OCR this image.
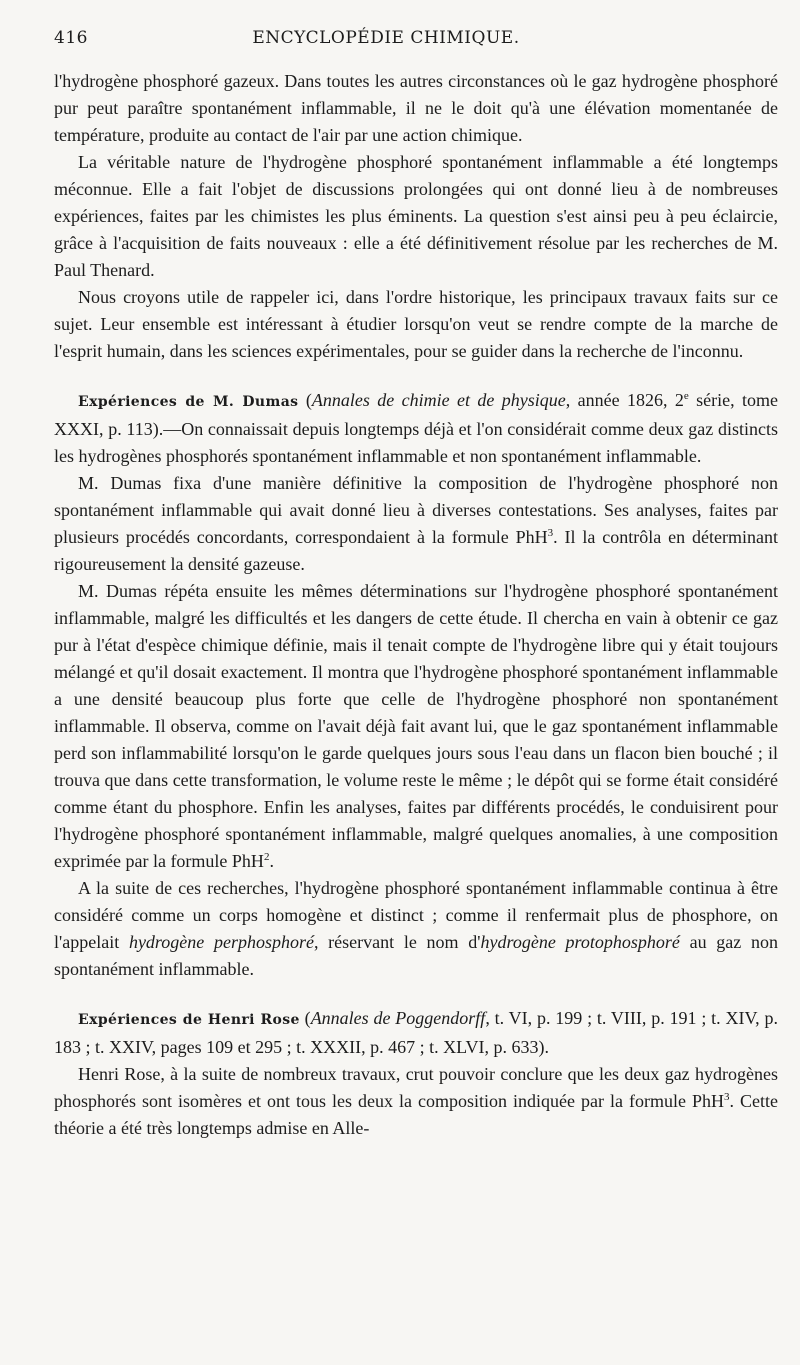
416	ENCYCLOPÉDIE CHIMIQUE.

l'hydrogène phosphoré gazeux. Dans toutes les autres circonstances où le gaz hydrogène phosphoré pur peut paraître spontanément inflammable, il ne le doit qu'à une élévation momentanée de température, produite au contact de l'air par une action chimique.

La véritable nature de l'hydrogène phosphoré spontanément inflammable a été longtemps méconnue. Elle a fait l'objet de discussions prolongées qui ont donné lieu à de nombreuses expériences, faites par les chimistes les plus éminents. La question s'est ainsi peu à peu éclaircie, grâce à l'acquisition de faits nouveaux : elle a été définitivement résolue par les recherches de M. Paul Thenard.

Nous croyons utile de rappeler ici, dans l'ordre historique, les principaux travaux faits sur ce sujet. Leur ensemble est intéressant à étudier lorsqu'on veut se rendre compte de la marche de l'esprit humain, dans les sciences expérimentales, pour se guider dans la recherche de l'inconnu.

Expériences de M. Dumas (Annales de chimie et de physique, année 1826, 2e série, tome XXXI, p. 113).—On connaissait depuis longtemps déjà et l'on considérait comme deux gaz distincts les hydrogènes phosphorés spontanément inflammable et non spontanément inflammable.

M. Dumas fixa d'une manière définitive la composition de l'hydrogène phosphoré non spontanément inflammable qui avait donné lieu à diverses contestations. Ses analyses, faites par plusieurs procédés concordants, correspondaient à la formule PhH$^3$. Il la contrôla en déterminant rigoureusement la densité gazeuse.

M. Dumas répéta ensuite les mêmes déterminations sur l'hydrogène phosphoré spontanément inflammable, malgré les difficultés et les dangers de cette étude. Il chercha en vain à obtenir ce gaz pur à l'état d'espèce chimique définie, mais il tenait compte de l'hydrogène libre qui y était toujours mélangé et qu'il dosait exactement. Il montra que l'hydrogène phosphoré spontanément inflammable a une densité beaucoup plus forte que celle de l'hydrogène phosphoré non spontanément inflammable. Il observa, comme on l'avait déjà fait avant lui, que le gaz spontanément inflammable perd son inflammabilité lorsqu'on le garde quelques jours sous l'eau dans un flacon bien bouché ; il trouva que dans cette transformation, le volume reste le même ; le dépôt qui se forme était considéré comme étant du phosphore. Enfin les analyses, faites par différents procédés, le conduisirent pour l'hydrogène phosphoré spontanément inflammable, malgré quelques anomalies, à une composition exprimée par la formule PhH$^2$.

A la suite de ces recherches, l'hydrogène phosphoré spontanément inflammable continua à être considéré comme un corps homogène et distinct ; comme il renfermait plus de phosphore, on l'appelait hydrogène perphosphoré, réservant le nom d'hydrogène protophosphoré au gaz non spontanément inflammable.

Expériences de Henri Rose (Annales de Poggendorff, t. VI, p. 199 ; t. VIII, p. 191 ; t. XIV, p. 183 ; t. XXIV, pages 109 et 295 ; t. XXXII, p. 467 ; t. XLVI, p. 633).

Henri Rose, à la suite de nombreux travaux, crut pouvoir conclure que les deux gaz hydrogènes phosphorés sont isomères et ont tous les deux la composition indiquée par la formule PhH$^3$. Cette théorie a été très longtemps admise en Alle-
